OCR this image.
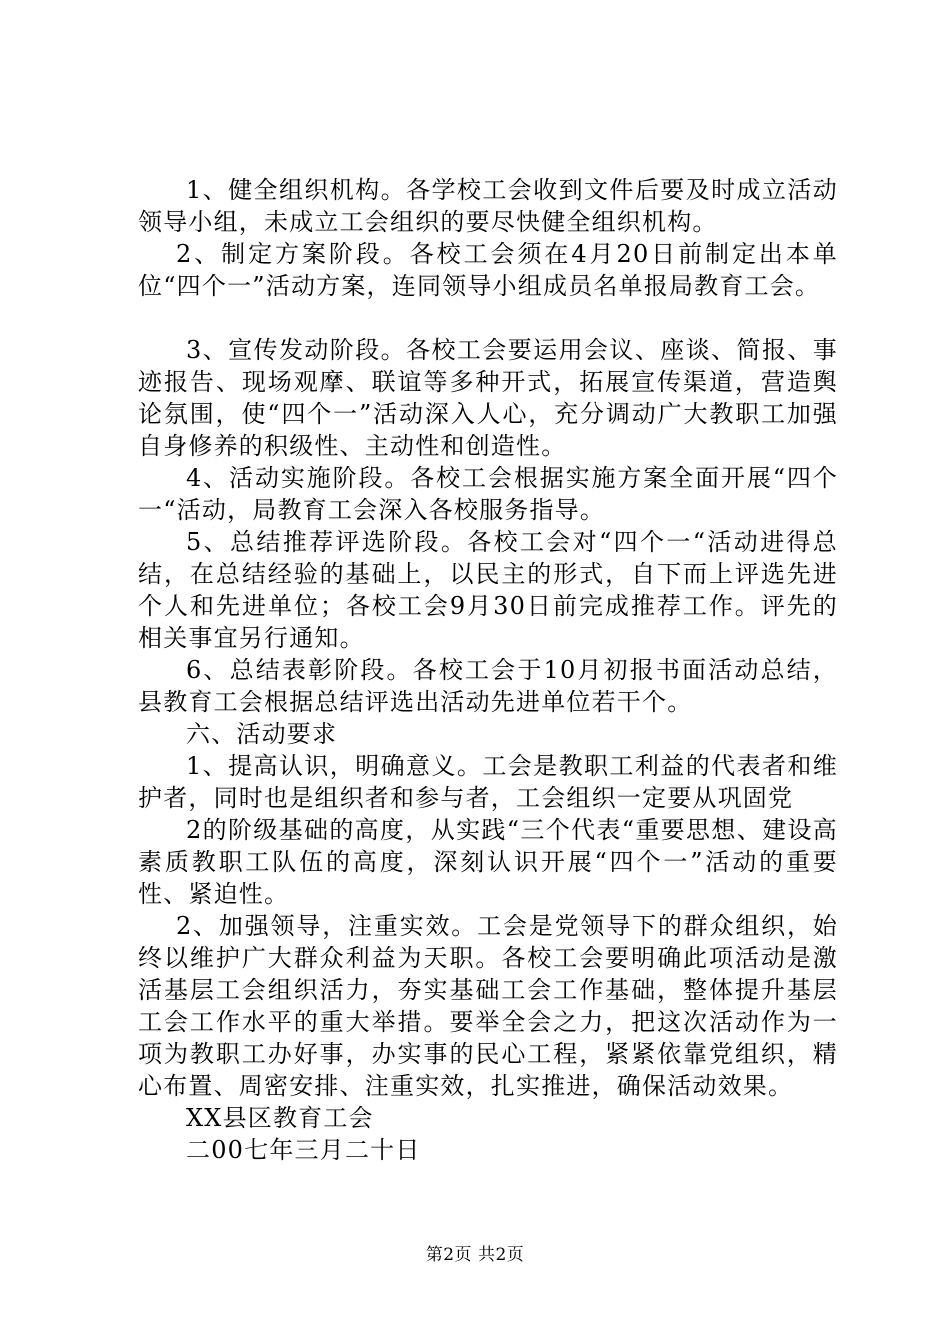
1、健全组织机构。各学校工会收到文件后要及时成立活动领导小组，未成立工会组织的要尽快健全组织机构。

2、制定方案阶段。各校工会须在4月20日前制定出本单位“四个一”活动方案，连同领导小组成员名单报局教育工会。

3、宣传发动阶段。各校工会要运用会议、座谈、简报、事迹报告、现场观摩、联谊等多种开式，拓展宣传渠道，营造舆论氛围，使“四个一”活动深入人心，充分调动广大教职工加强自身修养的积级性、主动性和创造性。

4、活动实施阶段。各校工会根据实施方案全面开展“四个一“活动，局教育工会深入各校服务指导。

5、总结推荐评选阶段。各校工会对“四个一“活动进得总结，在总结经验的基础上，以民主的形式，自下而上评选先进个人和先进单位；各校工会9月30日前完成推荐工作。评先的相关事宜另行通知。

6、总结表彰阶段。各校工会于10月初报书面活动总结，县教育工会根据总结评选出活动先进单位若干个。

六、活动要求

1、提高认识，明确意义。工会是教职工利益的代表者和维护者，同时也是组织者和参与者，工会组织一定要从巩固党

2的阶级基础的高度，从实践“三个代表“重要思想、建设高素质教职工队伍的高度，深刻认识开展“四个一”活动的重要性、紧迫性。

2、加强领导，注重实效。工会是党领导下的群众组织，始终以维护广大群众利益为天职。各校工会要明确此项活动是激活基层工会组织活力，夯实基础工会工作基础，整体提升基层工会工作水平的重大举措。要举全会之力，把这次活动作为一项为教职工办好事，办实事的民心工程，紧紧依靠党组织，精心布置、周密安排、注重实效，扎实推进，确保活动效果。

XX县区教育工会

二00七年三月二十日

第2页 共2页
